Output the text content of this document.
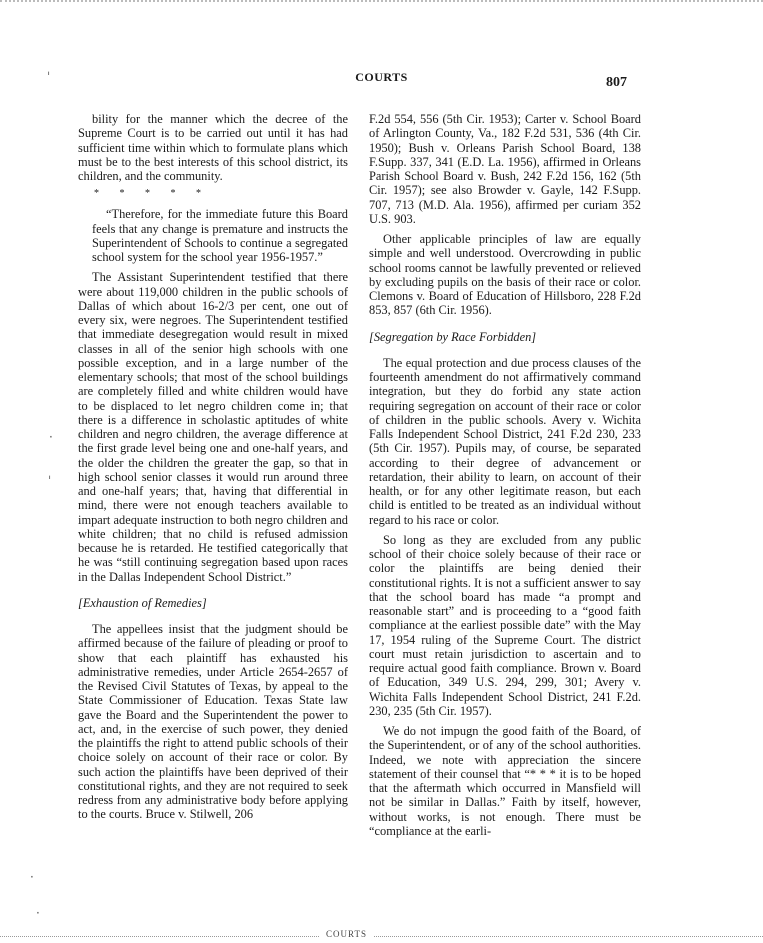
ˈ
·
ˈ
·
·
COURTS	807

bility for the manner which the decree of the Supreme Court is to be carried out until it has had sufficient time within which to formulate plans which must be to the best interests of this school district, its children, and the community.

* * * * *

“Therefore, for the immediate future this Board feels that any change is premature and instructs the Superintendent of Schools to continue a segregated school system for the school year 1956-1957.”

The Assistant Superintendent testified that there were about 119,000 children in the public schools of Dallas of which about 16-2/3 per cent, one out of every six, were negroes. The Superintendent testified that immediate desegregation would result in mixed classes in all of the senior high schools with one possible exception, and in a large number of the elementary schools; that most of the school buildings are completely filled and white children would have to be displaced to let negro children come in; that there is a difference in scholastic aptitudes of white children and negro children, the average difference at the first grade level being one and one-half years, and the older the children the greater the gap, so that in high school senior classes it would run around three and one-half years; that, having that differential in mind, there were not enough teachers available to impart adequate instruction to both negro children and white children; that no child is refused admission because he is retarded. He testified categorically that he was “still continuing segregation based upon races in the Dallas Independent School District.”

[Exhaustion of Remedies]

The appellees insist that the judgment should be affirmed because of the failure of pleading or proof to show that each plaintiff has exhausted his administrative remedies, under Article 2654-2657 of the Revised Civil Statutes of Texas, by appeal to the State Commissioner of Education. Texas State law gave the Board and the Superintendent the power to act, and, in the exercise of such power, they denied the plaintiffs the right to attend public schools of their choice solely on account of their race or color. By such action the plaintiffs have been deprived of their constitutional rights, and they are not required to seek redress from any administrative body before applying to the courts. Bruce v. Stilwell, 206

F.2d 554, 556 (5th Cir. 1953); Carter v. School Board of Arlington County, Va., 182 F.2d 531, 536 (4th Cir. 1950); Bush v. Orleans Parish School Board, 138 F.Supp. 337, 341 (E.D. La. 1956), affirmed in Orleans Parish School Board v. Bush, 242 F.2d 156, 162 (5th Cir. 1957); see also Browder v. Gayle, 142 F.Supp. 707, 713 (M.D. Ala. 1956), affirmed per curiam 352 U.S. 903.

Other applicable principles of law are equally simple and well understood. Overcrowding in public school rooms cannot be lawfully prevented or relieved by excluding pupils on the basis of their race or color. Clemons v. Board of Education of Hillsboro, 228 F.2d 853, 857 (6th Cir. 1956).

[Segregation by Race Forbidden]

The equal protection and due process clauses of the fourteenth amendment do not affirmatively command integration, but they do forbid any state action requiring segregation on account of their race or color of children in the public schools. Avery v. Wichita Falls Independent School District, 241 F.2d 230, 233 (5th Cir. 1957). Pupils may, of course, be separated according to their degree of advancement or retardation, their ability to learn, on account of their health, or for any other legitimate reason, but each child is entitled to be treated as an individual without regard to his race or color.

So long as they are excluded from any public school of their choice solely because of their race or color the plaintiffs are being denied their constitutional rights. It is not a sufficient answer to say that the school board has made “a prompt and reasonable start” and is proceeding to a “good faith compliance at the earliest possible date” with the May 17, 1954 ruling of the Supreme Court. The district court must retain jurisdiction to ascertain and to require actual good faith compliance. Brown v. Board of Education, 349 U.S. 294, 299, 301; Avery v. Wichita Falls Independent School District, 241 F.2d. 230, 235 (5th Cir. 1957).

We do not impugn the good faith of the Board, of the Superintendent, or of any of the school authorities. Indeed, we note with appreciation the sincere statement of their counsel that “* * * it is to be hoped that the aftermath which occurred in Mansfield will not be similar in Dallas.” Faith by itself, however, without works, is not enough. There must be “compliance at the earli-

COURTS
